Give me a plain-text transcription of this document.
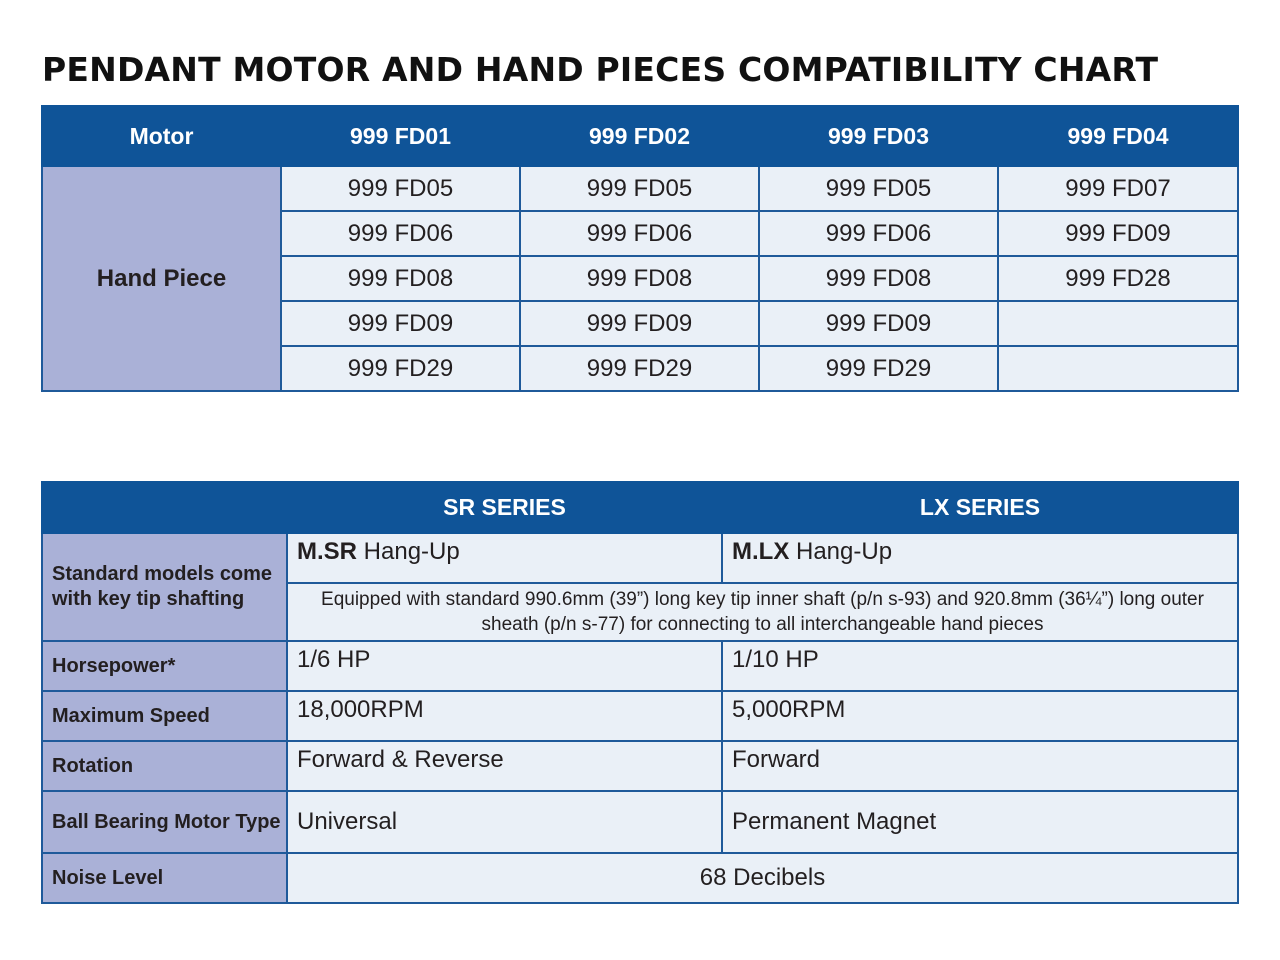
PENDANT MOTOR AND HAND PIECES COMPATIBILITY CHART
Motor	999 FD01	999 FD02	999 FD03	999 FD04
Hand Piece	999 FD05	999 FD05	999 FD05	999 FD07
	999 FD06	999 FD06	999 FD06	999 FD09
	999 FD08	999 FD08	999 FD08	999 FD28
	999 FD09	999 FD09	999 FD09	
	999 FD29	999 FD29	999 FD29	
	SR SERIES	LX SERIES
Standard models come with key tip shafting	M.SR Hang-Up	M.LX Hang-Up
	Equipped with standard 990.6mm (39”) long key tip inner shaft (p/n s-93) and 920.8mm (36¼”) long outer sheath (p/n s-77) for connecting to all interchangeable hand pieces	
Horsepower*	1/6 HP	1/10 HP
Maximum Speed	18,000RPM	5,000RPM
Rotation	Forward & Reverse	Forward
Ball Bearing Motor Type	Universal	Permanent Magnet
Noise Level	68 Decibels	
